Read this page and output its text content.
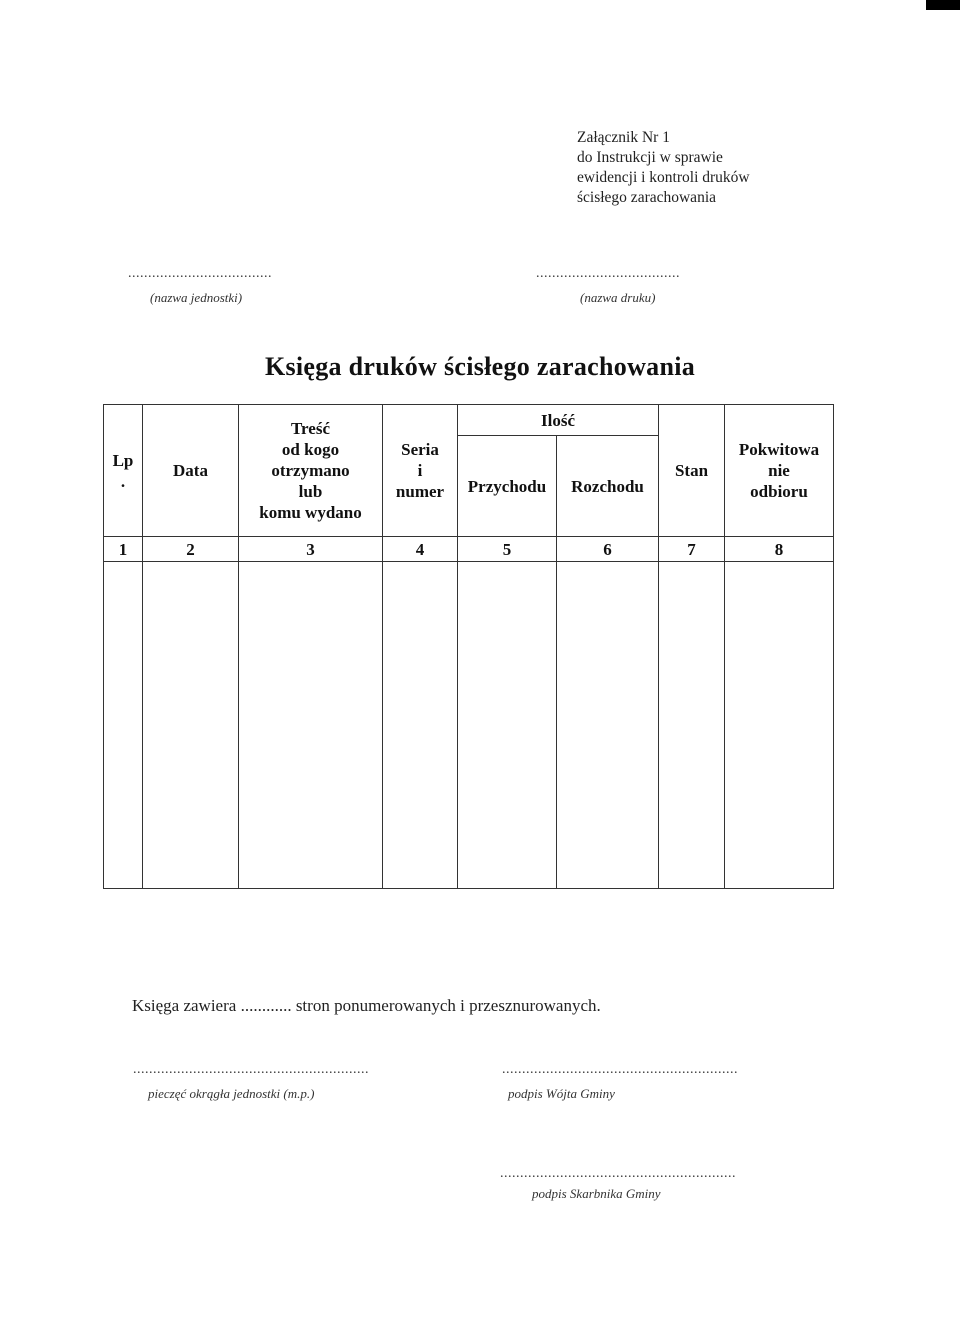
Załącznik Nr 1
do Instrukcji w sprawie
ewidencji i kontroli druków
ścisłego zarachowania
....................................
(nazwa jednostki)
....................................
(nazwa druku)
Księga druków ścisłego zarachowania
Lp
.	Data	Treść
od kogo
otrzymano
lub
komu wydano	Seria
i
numer	Ilość		Stan	Pokwitowa
nie
odbioru
				Przychodu	Rozchodu		
1	2	3	4	5	6	7	8

Księga zawiera ............ stron ponumerowanych i przesznurowanych.
...........................................................
pieczęć okrągła jednostki (m.p.)
...........................................................
podpis Wójta Gminy
...........................................................
podpis Skarbnika Gminy
